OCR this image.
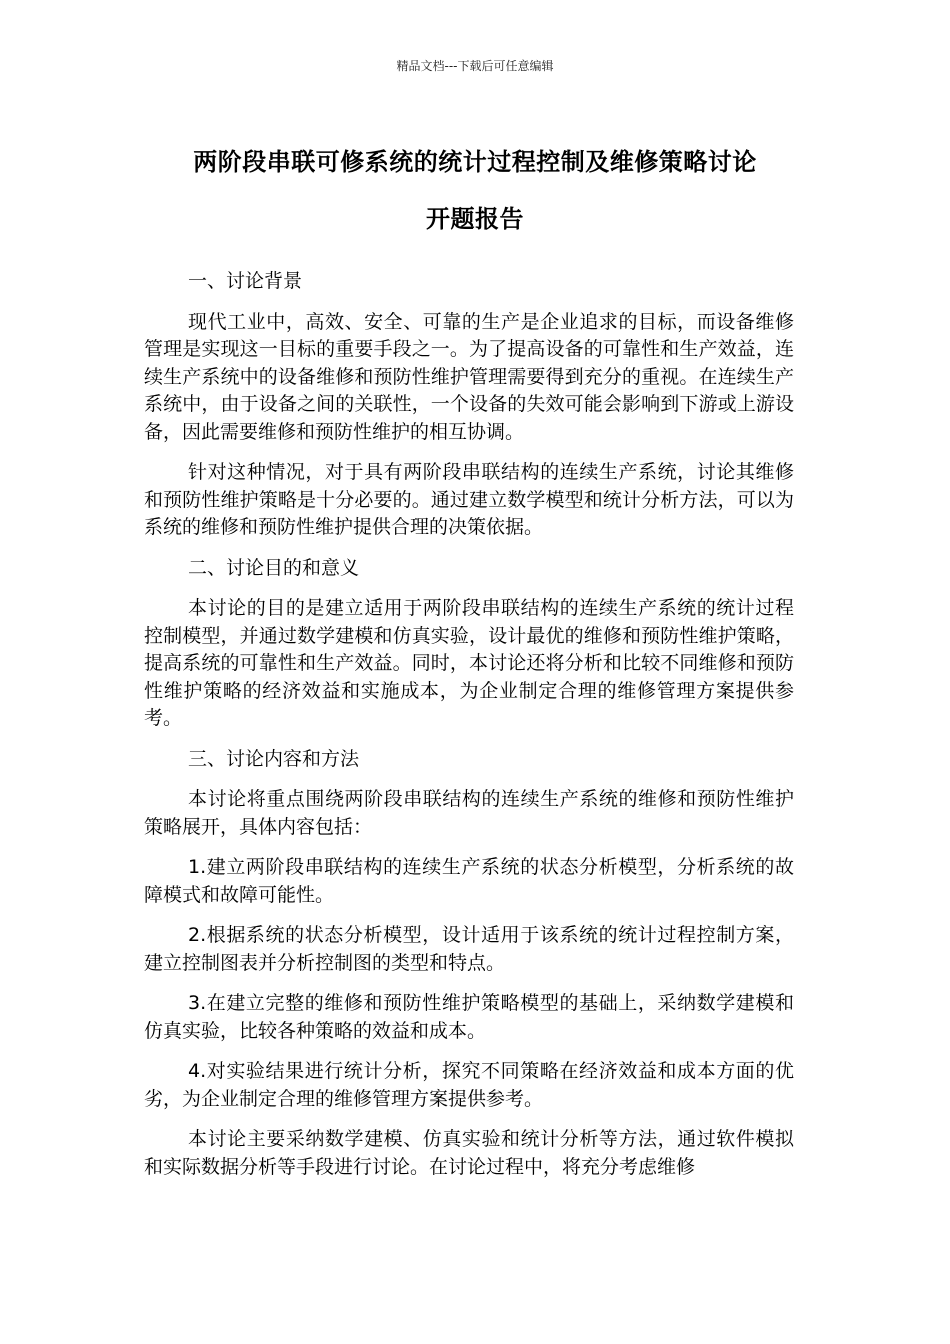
精品文档---下载后可任意编辑
两阶段串联可修系统的统计过程控制及维修策略讨论
开题报告
一、讨论背景

现代工业中，高效、安全、可靠的生产是企业追求的目标，而设备维修管理是实现这一目标的重要手段之一。为了提高设备的可靠性和生产效益，连续生产系统中的设备维修和预防性维护管理需要得到充分的重视。在连续生产系统中，由于设备之间的关联性，一个设备的失效可能会影响到下游或上游设备，因此需要维修和预防性维护的相互协调。

针对这种情况，对于具有两阶段串联结构的连续生产系统，讨论其维修和预防性维护策略是十分必要的。通过建立数学模型和统计分析方法，可以为系统的维修和预防性维护提供合理的决策依据。

二、讨论目的和意义

本讨论的目的是建立适用于两阶段串联结构的连续生产系统的统计过程控制模型，并通过数学建模和仿真实验，设计最优的维修和预防性维护策略，提高系统的可靠性和生产效益。同时，本讨论还将分析和比较不同维修和预防性维护策略的经济效益和实施成本，为企业制定合理的维修管理方案提供参考。

三、讨论内容和方法

本讨论将重点围绕两阶段串联结构的连续生产系统的维修和预防性维护策略展开，具体内容包括：

1.建立两阶段串联结构的连续生产系统的状态分析模型，分析系统的故障模式和故障可能性。

2.根据系统的状态分析模型，设计适用于该系统的统计过程控制方案，建立控制图表并分析控制图的类型和特点。

3.在建立完整的维修和预防性维护策略模型的基础上，采纳数学建模和仿真实验，比较各种策略的效益和成本。

4.对实验结果进行统计分析，探究不同策略在经济效益和成本方面的优劣，为企业制定合理的维修管理方案提供参考。

本讨论主要采纳数学建模、仿真实验和统计分析等方法，通过软件模拟和实际数据分析等手段进行讨论。在讨论过程中，将充分考虑维修
